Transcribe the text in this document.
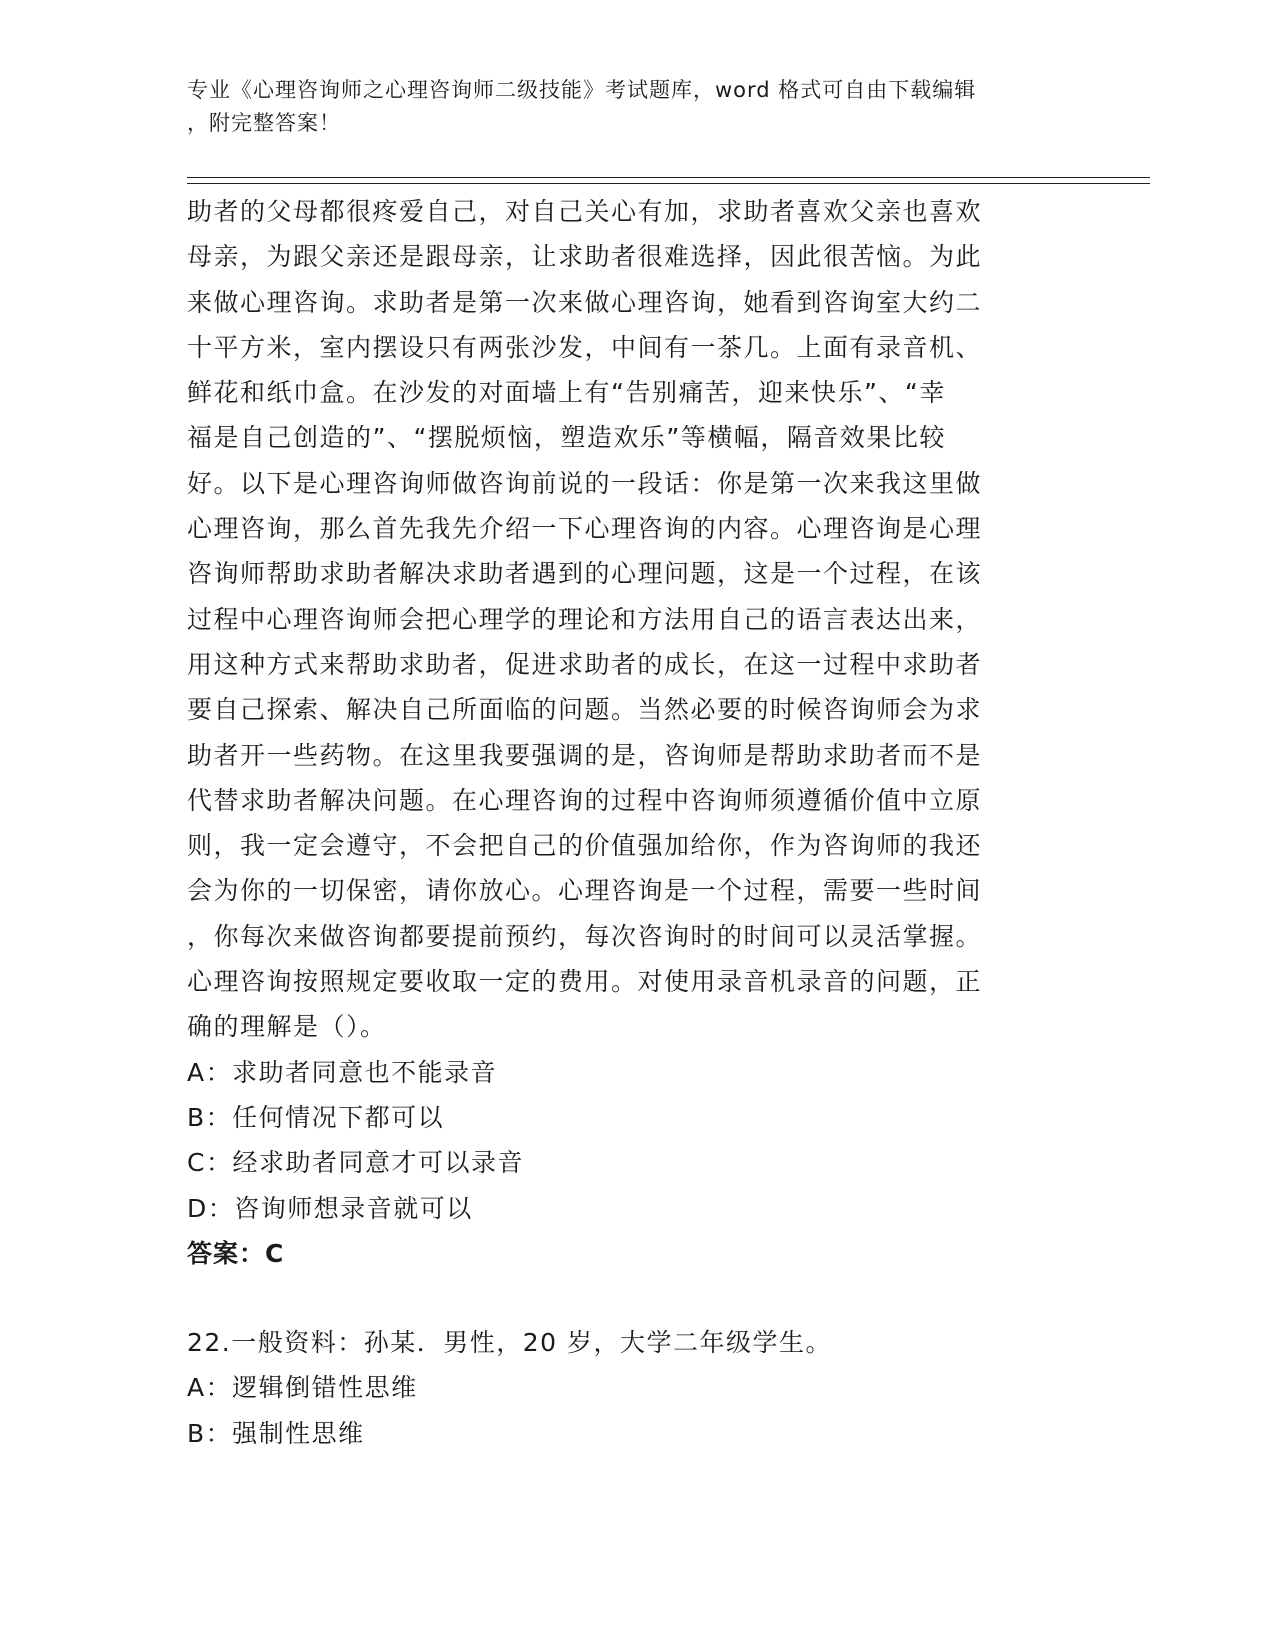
专业《心理咨询师之心理咨询师二级技能》考试题库，word 格式可自由下载编辑
，附完整答案！
助者的父母都很疼爱自己，对自己关心有加，求助者喜欢父亲也喜欢
母亲，为跟父亲还是跟母亲，让求助者很难选择，因此很苦恼。为此
来做心理咨询。求助者是第一次来做心理咨询，她看到咨询室大约二
十平方米，室内摆设只有两张沙发，中间有一茶几。上面有录音机、
鲜花和纸巾盒。在沙发的对面墙上有“告别痛苦，迎来快乐”、“幸
福是自己创造的”、“摆脱烦恼，塑造欢乐”等横幅，隔音效果比较
好。以下是心理咨询师做咨询前说的一段话：你是第一次来我这里做
心理咨询，那么首先我先介绍一下心理咨询的内容。心理咨询是心理
咨询师帮助求助者解决求助者遇到的心理问题，这是一个过程，在该
过程中心理咨询师会把心理学的理论和方法用自己的语言表达出来，
用这种方式来帮助求助者，促进求助者的成长，在这一过程中求助者
要自己探索、解决自己所面临的问题。当然必要的时候咨询师会为求
助者开一些药物。在这里我要强调的是，咨询师是帮助求助者而不是
代替求助者解决问题。在心理咨询的过程中咨询师须遵循价值中立原
则，我一定会遵守，不会把自己的价值强加给你，作为咨询师的我还
会为你的一切保密，请你放心。心理咨询是一个过程，需要一些时间
，你每次来做咨询都要提前预约，每次咨询时的时间可以灵活掌握。
心理咨询按照规定要收取一定的费用。对使用录音机录音的问题，正
确的理解是（）。
A：求助者同意也不能录音
B：任何情况下都可以
C：经求助者同意才可以录音
D：咨询师想录音就可以
答案：C
22.一般资料：孙某．男性，20 岁，大学二年级学生。
A：逻辑倒错性思维
B：强制性思维
